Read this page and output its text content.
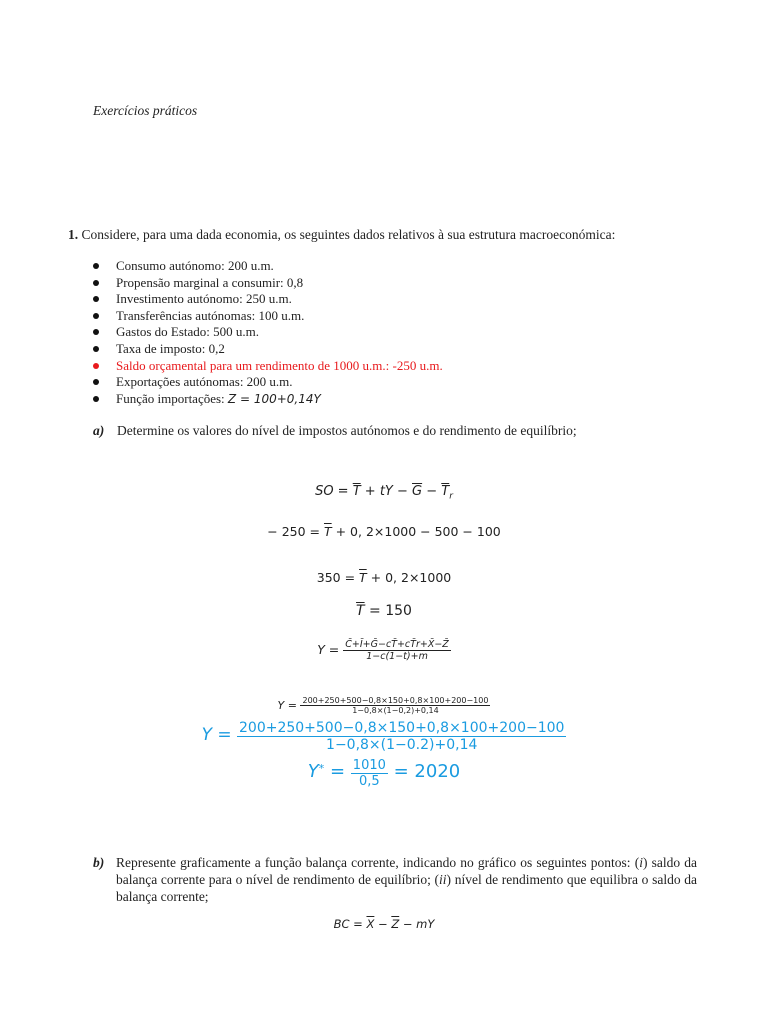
Exercícios práticos
1. Considere, para uma dada economia, os seguintes dados relativos à sua estrutura macroeconómica:
Consumo autónomo: 200 u.m.
Propensão marginal a consumir: 0,8
Investimento autónomo: 250 u.m.
Transferências autónomas: 100 u.m.
Gastos do Estado: 500 u.m.
Taxa de imposto: 0,2
Saldo orçamental para um rendimento de 1000 u.m.: -250 u.m.
Exportações autónomas: 200 u.m.
Função importações: Z = 100+0,14Y
a) Determine os valores do nível de impostos autónomos e do rendimento de equilíbrio;
SO = $\overline{T}$ + tY − $\overline{G} - \overline{T}_r$
− $250 = \overline{T} + 0$, 2×1000 − 500 − 100
$350 = \overline{T} + 0$, 2×1000
$\overline{T} = 150$
$Y = \frac{\text{C̄+Ī+Ḡ−cT̄+cT̄r+X̄−Z̄}}{1-c(1-t)+m}$
$Y = \frac{200+250+500-0,8\times 150+0,8\times 100+200-100}{1-0,8\times(1-0,2)+0,14}$
$Y = \frac{200+250+500-0,8\times 150+0,8\times 100+200-100}{1-0,8\times(1-0.2)+0,14}$
$Y^* = \frac{1010}{0,5} = 2020$
b) Represente graficamente a função balança corrente, indicando no gráfico os seguintes pontos: (i) saldo da balança corrente para o nível de rendimento de equilíbrio; (ii) nível de rendimento que equilibra o saldo da balança corrente;
BC = $\overline{X} - \overline{Z}$ − mY
